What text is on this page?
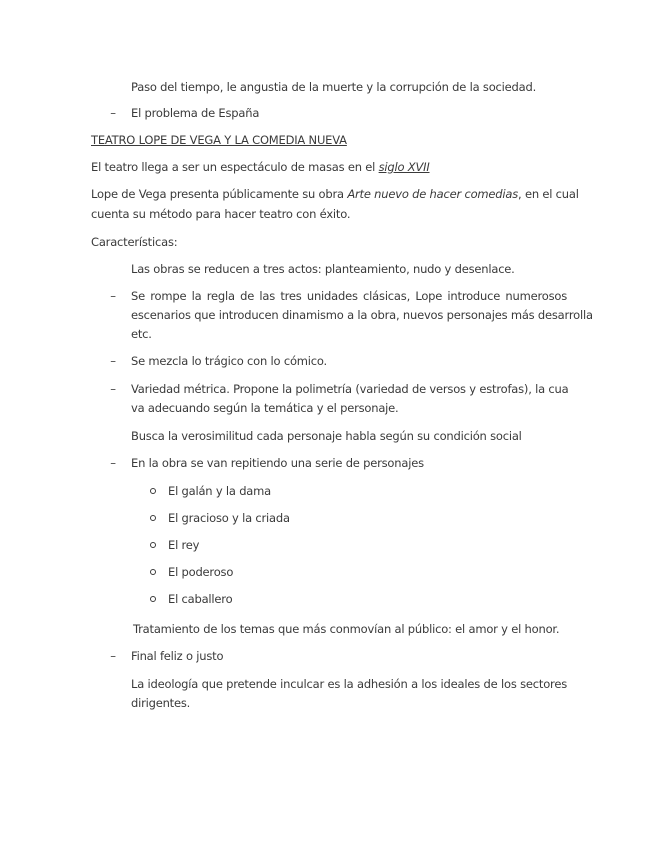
Paso del tiempo, le angustia de la muerte y la corrupción de la sociedad.
– El problema de España
TEATRO LOPE DE VEGA Y LA COMEDIA NUEVA
El teatro llega a ser un espectáculo de masas en el siglo XVII
Lope de Vega presenta públicamente su obra Arte nuevo de hacer comedias, en el cual
cuenta su método para hacer teatro con éxito.
Características:
Las obras se reducen a tres actos: planteamiento, nudo y desenlace.
– Se rompe la regla de las tres unidades clásicas, Lope introduce numerosos
escenarios que introducen dinamismo a la obra, nuevos personajes más desarrolla
etc.
– Se mezcla lo trágico con lo cómico.
– Variedad métrica. Propone la polimetría (variedad de versos y estrofas), la cua
va adecuando según la temática y el personaje.
Busca la verosimilitud cada personaje habla según su condición social
– En la obra se van repitiendo una serie de personajes
El galán y la dama
El gracioso y la criada
El rey
El poderoso
El caballero
Tratamiento de los temas que más conmovían al público: el amor y el honor.
– Final feliz o justo
La ideología que pretende inculcar es la adhesión a los ideales de los sectores
dirigentes.
